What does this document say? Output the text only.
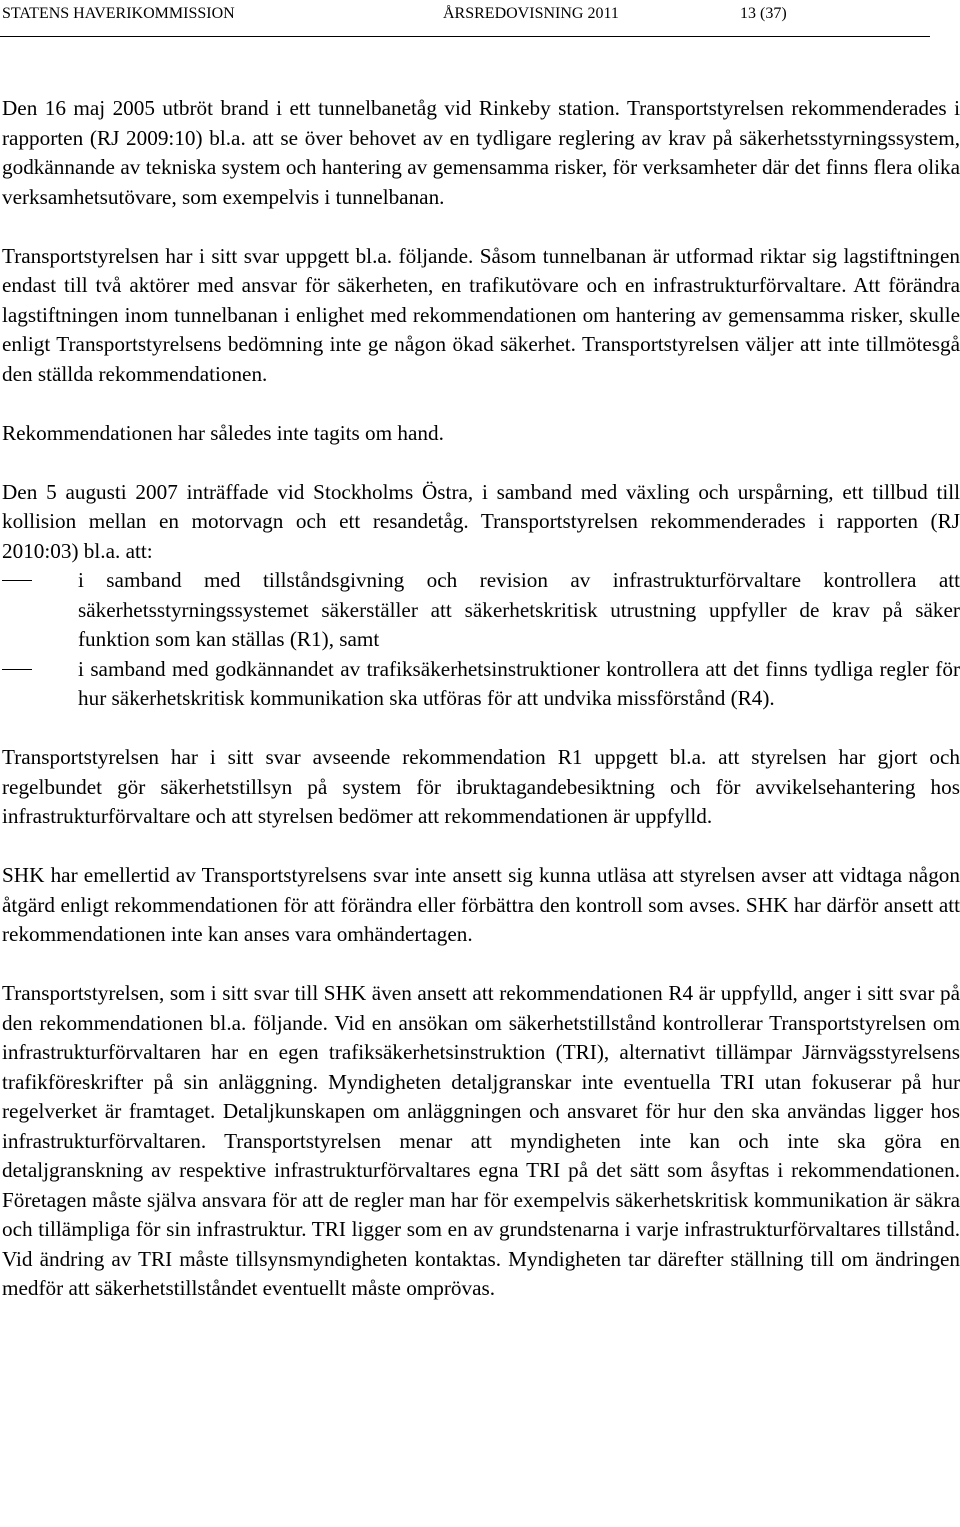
STATENS HAVERIKOMMISSION	ÅRSREDOVISNING 2011	13 (37)

Den 16 maj 2005 utbröt brand i ett tunnelbanetåg vid Rinkeby station. Transportstyrelsen rekommenderades i rapporten (RJ 2009:10) bl.a. att se över behovet av en tydligare reglering av krav på säkerhetsstyrningssystem, godkännande av tekniska system och hantering av gemensamma risker, för verksamheter där det finns flera olika verksamhetsutövare, som exempelvis i tunnelbanan.

Transportstyrelsen har i sitt svar uppgett bl.a. följande. Såsom tunnelbanan är utformad riktar sig lagstiftningen endast till två aktörer med ansvar för säkerheten, en trafikutövare och en infrastrukturförvaltare. Att förändra lagstiftningen inom tunnelbanan i enlighet med rekommendationen om hantering av gemensamma risker, skulle enligt Transportstyrelsens bedömning inte ge någon ökad säkerhet. Transportstyrelsen väljer att inte tillmötesgå den ställda rekommendationen.

Rekommendationen har således inte tagits om hand.

Den 5 augusti 2007 inträffade vid Stockholms Östra, i samband med växling och urspårning, ett tillbud till kollision mellan en motorvagn och ett resandetåg. Transportstyrelsen rekommenderades i rapporten (RJ 2010:03) bl.a. att:

i samband med tillståndsgivning och revision av infrastrukturförvaltare kontrollera att säkerhetsstyrningssystemet säkerställer att säkerhetskritisk utrustning uppfyller de krav på säker funktion som kan ställas (R1), samt
i samband med godkännandet av trafiksäkerhetsinstruktioner kontrollera att det finns tydliga regler för hur säkerhetskritisk kommunikation ska utföras för att undvika missförstånd (R4).

Transportstyrelsen har i sitt svar avseende rekommendation R1 uppgett bl.a. att styrelsen har gjort och regelbundet gör säkerhetstillsyn på system för ibruktagandebesiktning och för avvikelsehantering hos infrastrukturförvaltare och att styrelsen bedömer att rekommendationen är uppfylld.

SHK har emellertid av Transportstyrelsens svar inte ansett sig kunna utläsa att styrelsen avser att vidtaga någon åtgärd enligt rekommendationen för att förändra eller förbättra den kontroll som avses. SHK har därför ansett att rekommendationen inte kan anses vara omhändertagen.

Transportstyrelsen, som i sitt svar till SHK även ansett att rekommendationen R4 är uppfylld, anger i sitt svar på den rekommendationen bl.a. följande. Vid en ansökan om säkerhetstillstånd kontrollerar Transportstyrelsen om infrastrukturförvaltaren har en egen trafiksäkerhetsinstruktion (TRI), alternativt tillämpar Järnvägsstyrelsens trafikföreskrifter på sin anläggning. Myndigheten detaljgranskar inte eventuella TRI utan fokuserar på hur regelverket är framtaget. Detaljkunskapen om anläggningen och ansvaret för hur den ska användas ligger hos infrastrukturförvaltaren. Transportstyrelsen menar att myndigheten inte kan och inte ska göra en detaljgranskning av respektive infrastrukturförvaltares egna TRI på det sätt som åsyftas i rekommendationen. Företagen måste själva ansvara för att de regler man har för exempelvis säkerhetskritisk kommunikation är säkra och tillämpliga för sin infrastruktur. TRI ligger som en av grundstenarna i varje infrastrukturförvaltares tillstånd. Vid ändring av TRI måste tillsynsmyndigheten kontaktas. Myndigheten tar därefter ställning till om ändringen medför att säkerhetstillståndet eventuellt måste omprövas.
